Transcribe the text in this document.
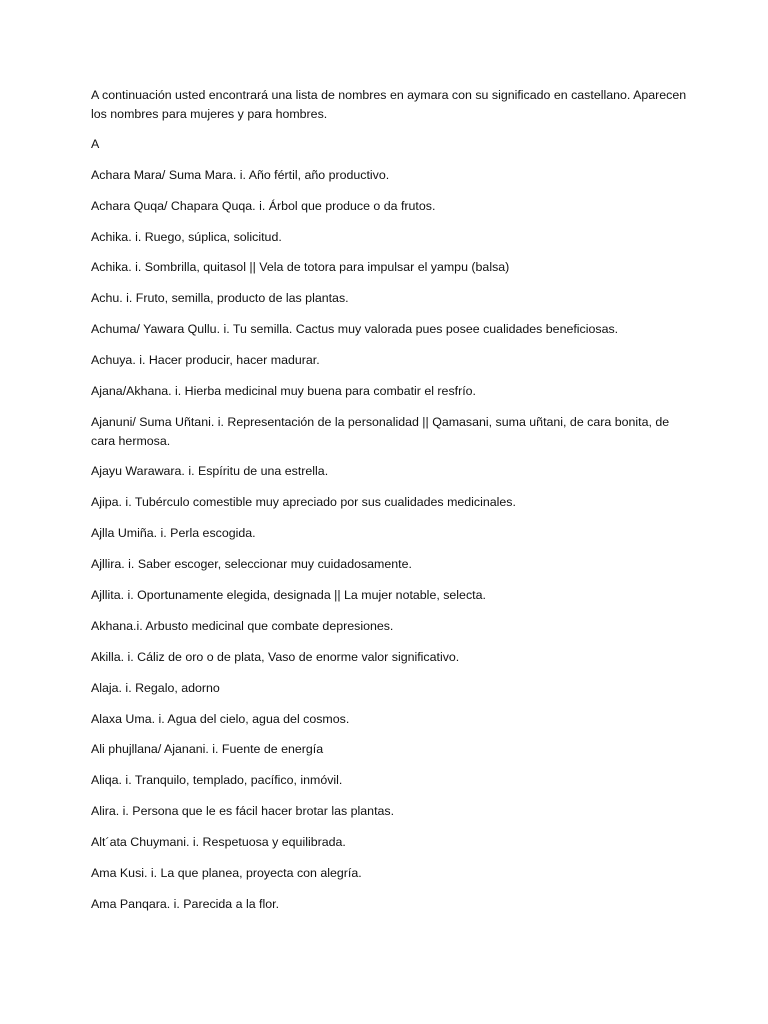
A continuación usted encontrará una lista de nombres en aymara con su significado en castellano. Aparecen los nombres para mujeres y para hombres.

A

Achara Mara/ Suma Mara. i. Año fértil, año productivo.

Achara Quqa/ Chapara Quqa. i. Árbol que produce o da frutos.

Achika. i. Ruego, súplica, solicitud.

Achika. i. Sombrilla, quitasol || Vela de totora para impulsar el yampu (balsa)

Achu. i. Fruto, semilla, producto de las plantas.

Achuma/ Yawara Qullu. i. Tu semilla. Cactus muy valorada pues posee cualidades beneficiosas.

Achuya. i. Hacer producir, hacer madurar.

Ajana/Akhana. i. Hierba medicinal muy buena para combatir el resfrío.

Ajanuni/ Suma Uñtani. i. Representación de la personalidad || Qamasani, suma uñtani, de cara bonita, de cara hermosa.

Ajayu Warawara. i. Espíritu de una estrella.

Ajipa. i. Tubérculo comestible muy apreciado por sus cualidades medicinales.

Ajlla Umiña. i. Perla escogida.

Ajllira. i. Saber escoger, seleccionar muy cuidadosamente.

Ajllita. i. Oportunamente elegida, designada || La mujer notable, selecta.

Akhana.i. Arbusto medicinal que combate depresiones.

Akilla. i. Cáliz de oro o de plata, Vaso de enorme valor significativo.

Alaja. i. Regalo, adorno

Alaxa Uma. i. Agua del cielo, agua del cosmos.

Ali phujllana/ Ajanani. i. Fuente de energía

Aliqa. i. Tranquilo, templado, pacífico, inmóvil.

Alira. i. Persona que le es fácil hacer brotar las plantas.

Alt´ata Chuymani. i. Respetuosa y equilibrada.

Ama Kusi. i. La que planea, proyecta con alegría.

Ama Panqara. i. Parecida a la flor.
